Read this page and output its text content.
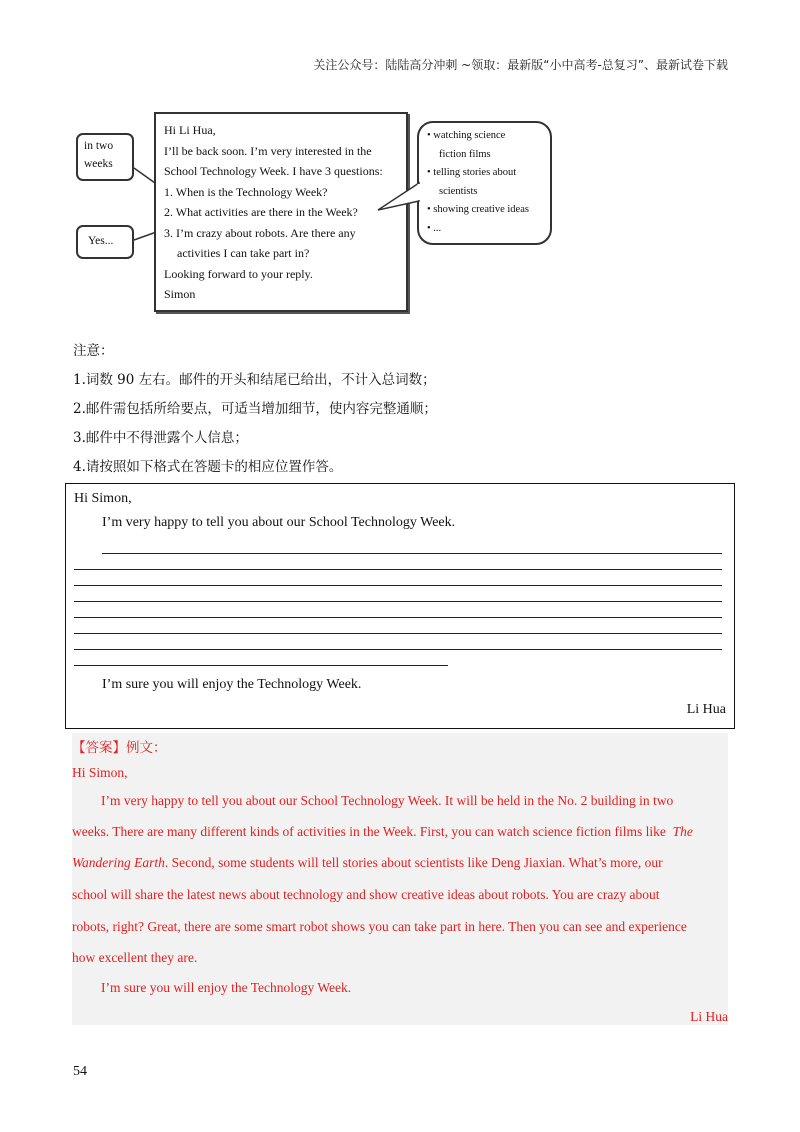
关注公众号：陆陆高分冲刺 ~领取：最新版“小中高考-总复习”、最新试卷下载
Hi Li Hua,
I’ll be back soon. I’m very interested in the
School Technology Week. I have 3 questions:
1. When is the Technology Week?
2. What activities are there in the Week?
3. I’m crazy about robots. Are there any
activities I can take part in?
Looking forward to your reply.
Simon
in two
weeks
Yes...
• watching science
fiction films
• telling stories about
scientists
• showing creative ideas
• ...
注意：
1.词数 90 左右。邮件的开头和结尾已给出，不计入总词数；
2.邮件需包括所给要点，可适当增加细节，使内容完整通顺；
3.邮件中不得泄露个人信息；
4.请按照如下格式在答题卡的相应位置作答。
Hi Simon,
I’m very happy to tell you about our School Technology Week.
I’m sure you will enjoy the Technology Week.
Li Hua
【答案】例文：
Hi Simon,
I’m very happy to tell you about our School Technology Week. It will be held in the No. 2 building in two
weeks. There are many different kinds of activities in the Week. First, you can watch science fiction films like The
Wandering Earth. Second, some students will tell stories about scientists like Deng Jiaxian. What’s more, our
school will share the latest news about technology and show creative ideas about robots. You are crazy about
robots, right? Great, there are some smart robot shows you can take part in here. Then you can see and experience
how excellent they are.
I’m sure you will enjoy the Technology Week.
Li Hua
54
